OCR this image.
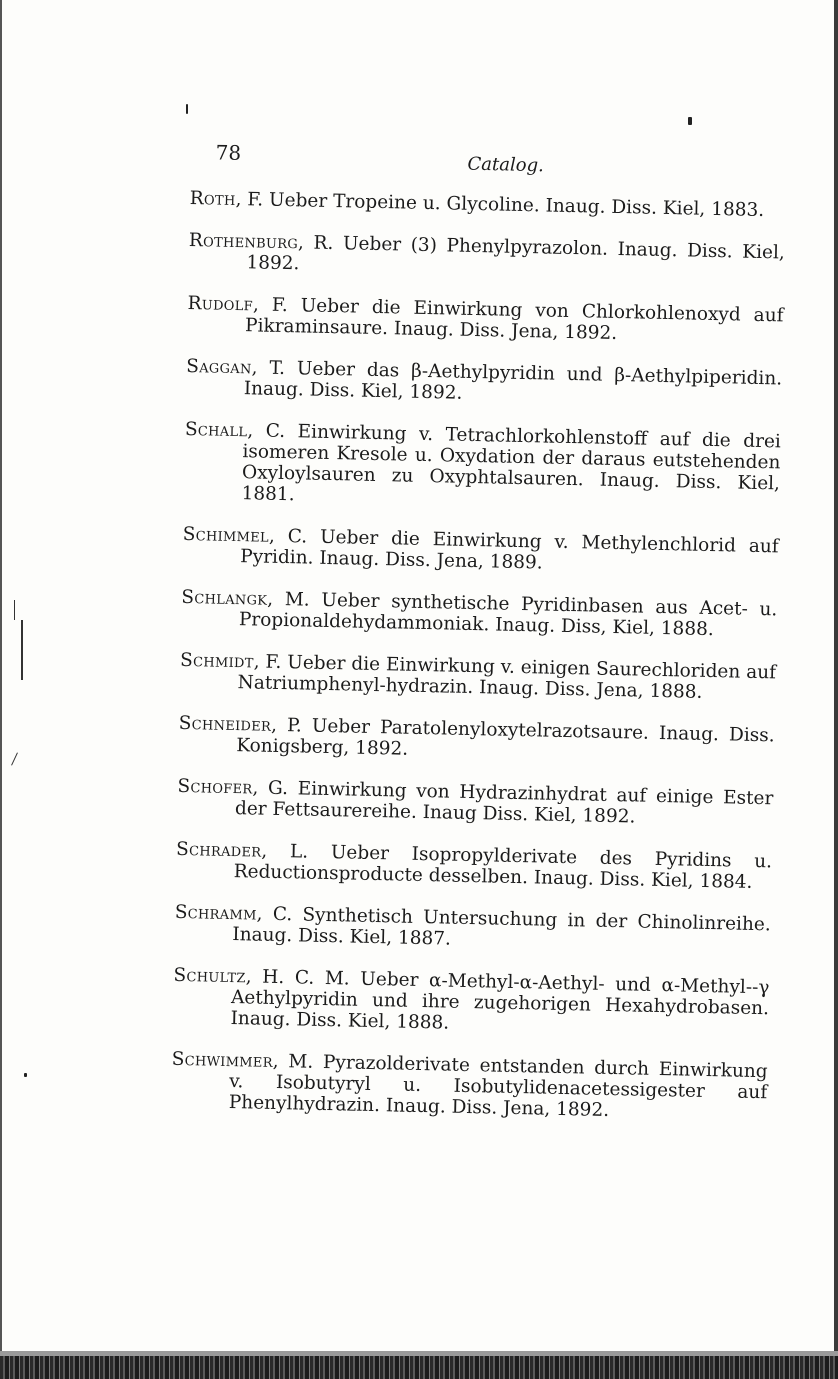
78
Catalog.
Roth, F. Ueber Tropeine u. Glycoline. Inaug. Diss. Kiel, 1883.
Rothenburg, R. Ueber (3) Phenylpyrazolon. Inaug. Diss. Kiel, 1892.
Rudolf, F. Ueber die Einwirkung von Chlorkohlenoxyd auf Pikraminsaure. Inaug. Diss. Jena, 1892.
Saggan, T. Ueber das β-Aethylpyridin und β-Aethylpiperidin. Inaug. Diss. Kiel, 1892.
Schall, C. Einwirkung v. Tetrachlorkohlenstoff auf die drei isomeren Kresole u. Oxydation der daraus eutstehenden Oxyloylsauren zu Oxyphtalsauren. Inaug. Diss. Kiel, 1881.
Schimmel, C. Ueber die Einwirkung v. Methylenchlorid auf Pyridin. Inaug. Diss. Jena, 1889.
Schlangk, M. Ueber synthetische Pyridinbasen aus Acet- u. Propionaldehydammoniak. Inaug. Diss, Kiel, 1888.
Schmidt, F. Ueber die Einwirkung v. einigen Saurechloriden auf Natriumphenyl-hydrazin. Inaug. Diss. Jena, 1888.
Schneider, P. Ueber Paratolenyloxytelrazotsaure. Inaug. Diss. Konigsberg, 1892.
Schofer, G. Einwirkung von Hydrazinhydrat auf einige Ester der Fettsaurereihe. Inaug Diss. Kiel, 1892.
Schrader, L. Ueber Isopropylderivate des Pyridins u. Reductionsproducte desselben. Inaug. Diss. Kiel, 1884.
Schramm, C. Synthetisch Untersuchung in der Chinolinreihe. Inaug. Diss. Kiel, 1887.
Schultz, H. C. M. Ueber α-Methyl-α-Aethyl- und α-Methyl--γ Aethylpyridin und ihre zugehorigen Hexahydrobasen. Inaug. Diss. Kiel, 1888.
Schwimmer, M. Pyrazolderivate entstanden durch Einwirkung v. Isobutyryl u. Isobutylidenacetessigester auf Phenylhydrazin. Inaug. Diss. Jena, 1892.
